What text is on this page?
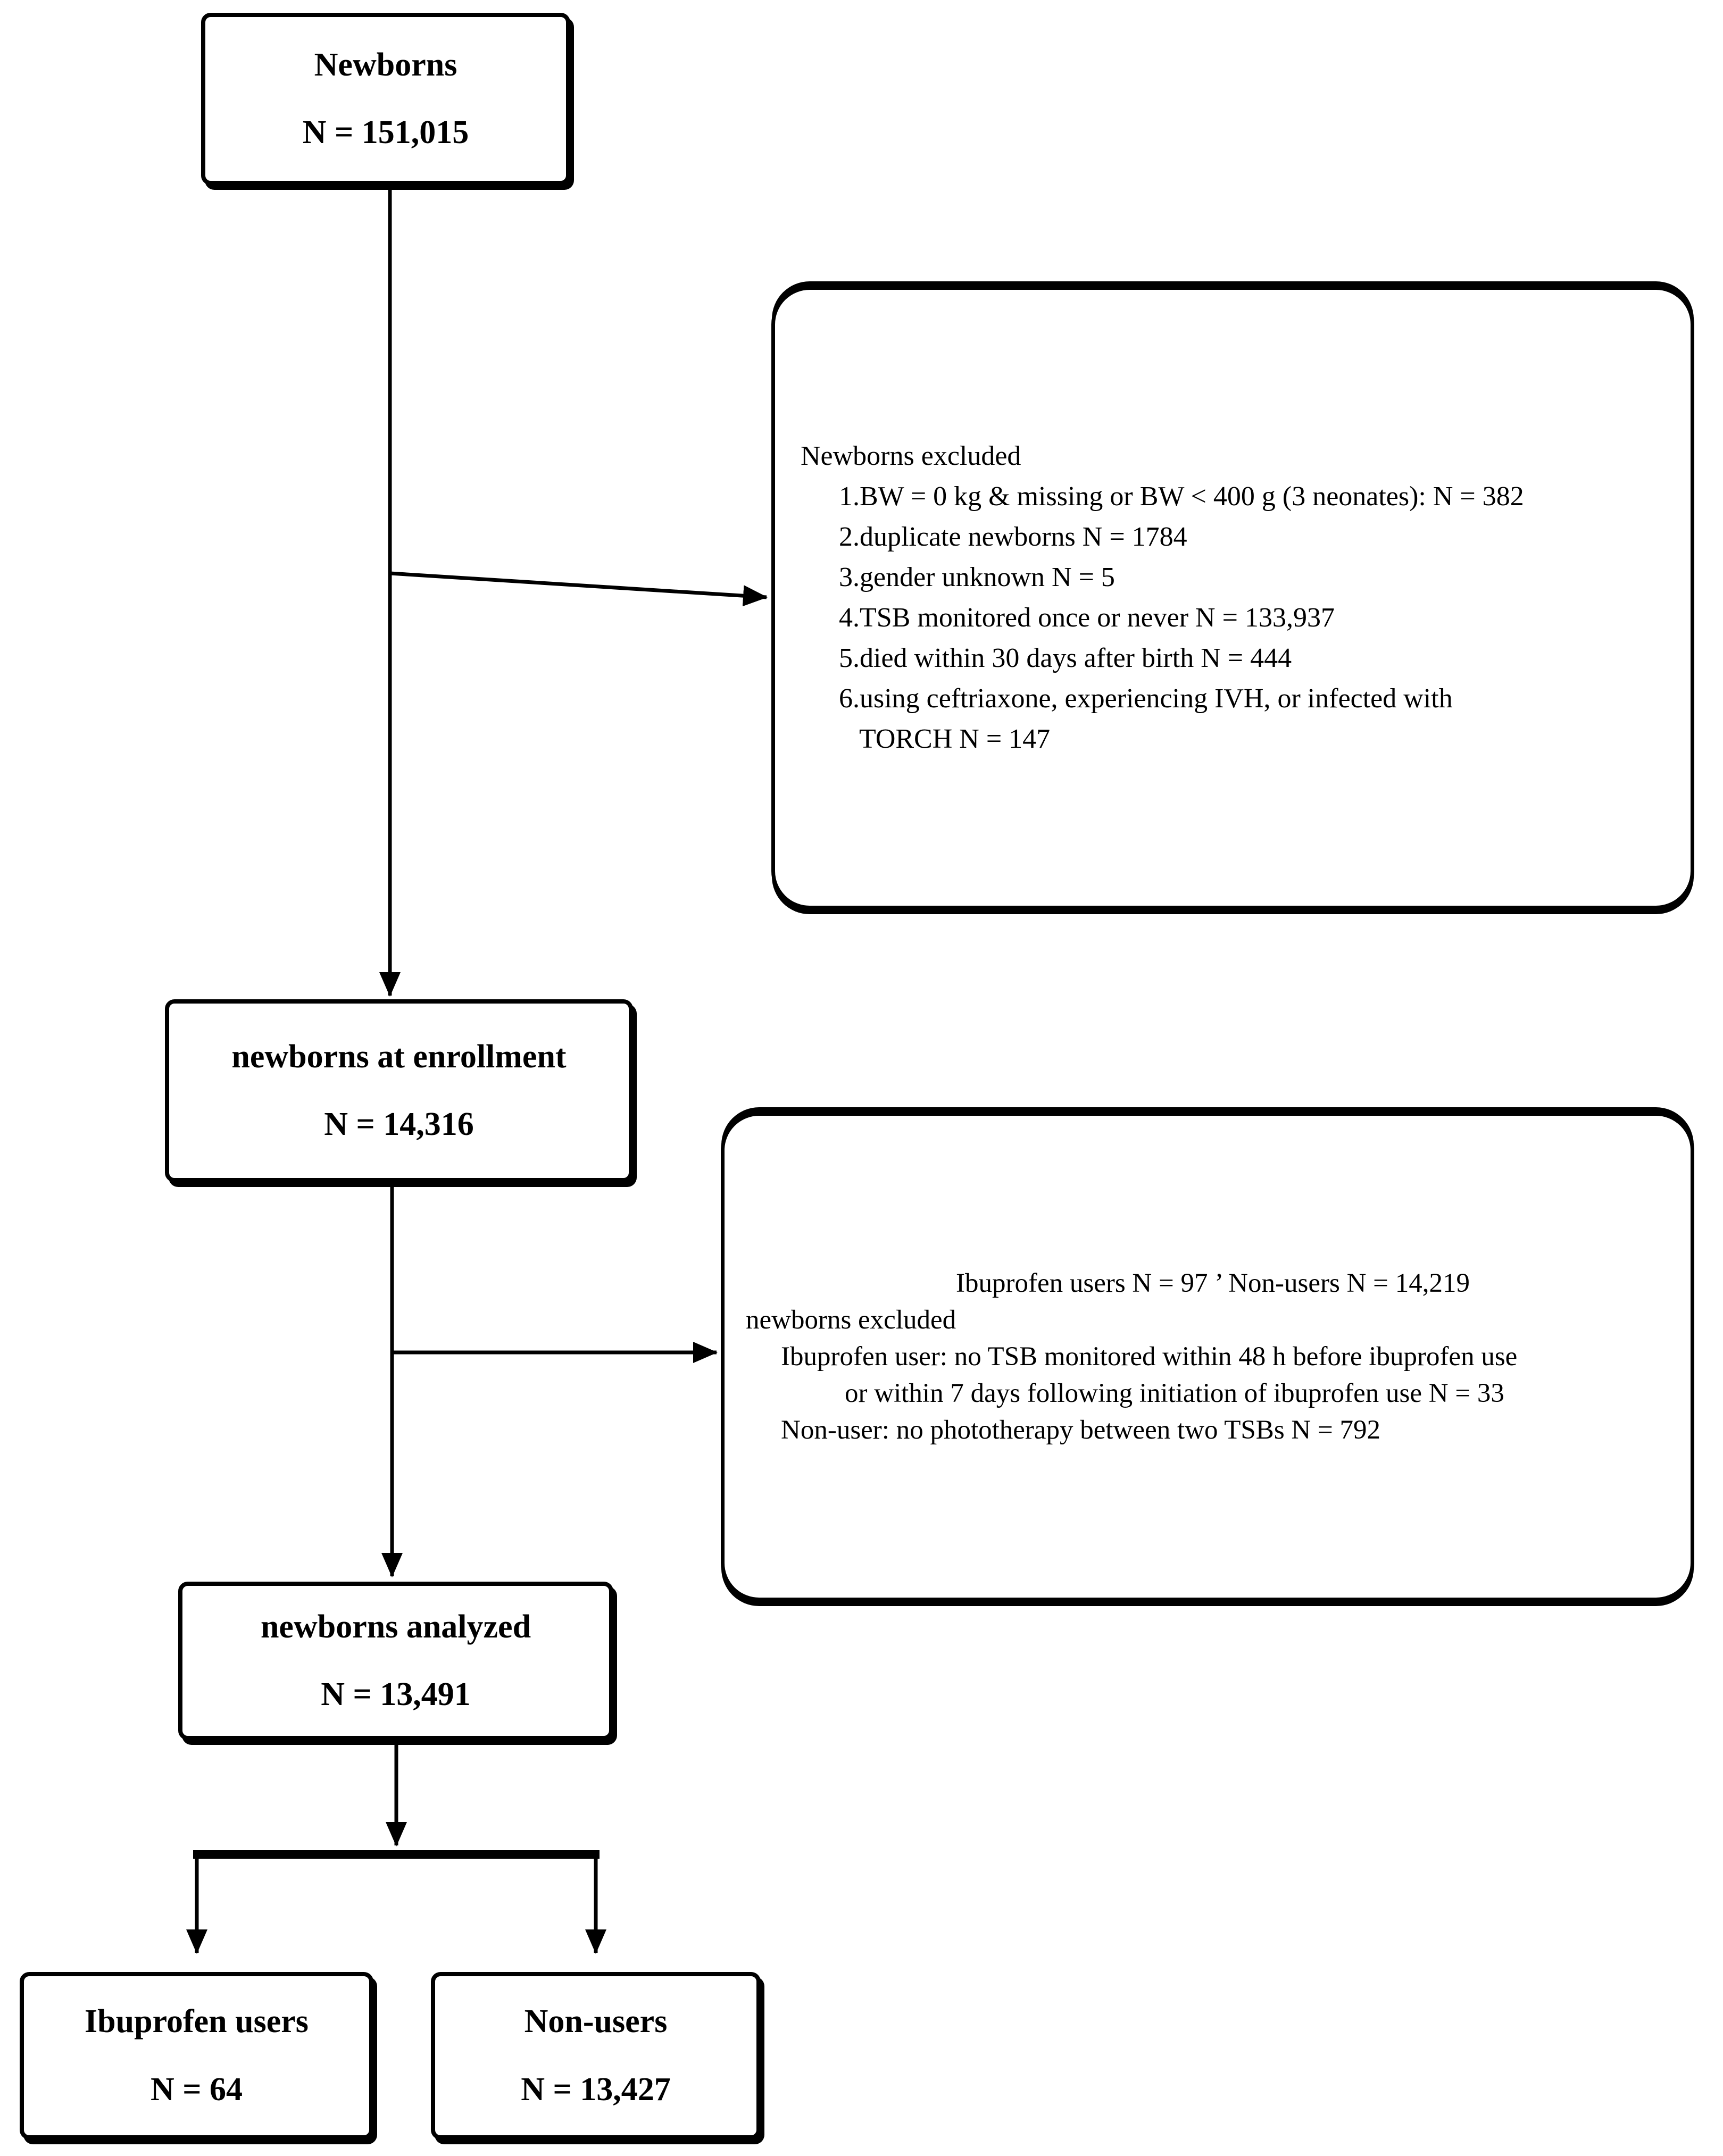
Newborns
N = 151,015
Newborns excluded
1.BW = 0 kg & missing or BW < 400 g (3 neonates): N = 382
2.duplicate newborns N = 1784
3.gender unknown N = 5
4.TSB monitored once or never N = 133,937
5.died within 30 days after birth N = 444
6.using ceftriaxone, experiencing IVH, or infected with
TORCH N = 147
newborns at enrollment
N = 14,316
Ibuprofen users N = 97 ’ Non-users N = 14,219
newborns excluded
Ibuprofen user: no TSB monitored within 48 h before ibuprofen use
or within 7 days following initiation of ibuprofen use N = 33
Non-user: no phototherapy between two TSBs N = 792
newborns analyzed
N = 13,491
Ibuprofen users
N = 64
Non-users
N = 13,427
